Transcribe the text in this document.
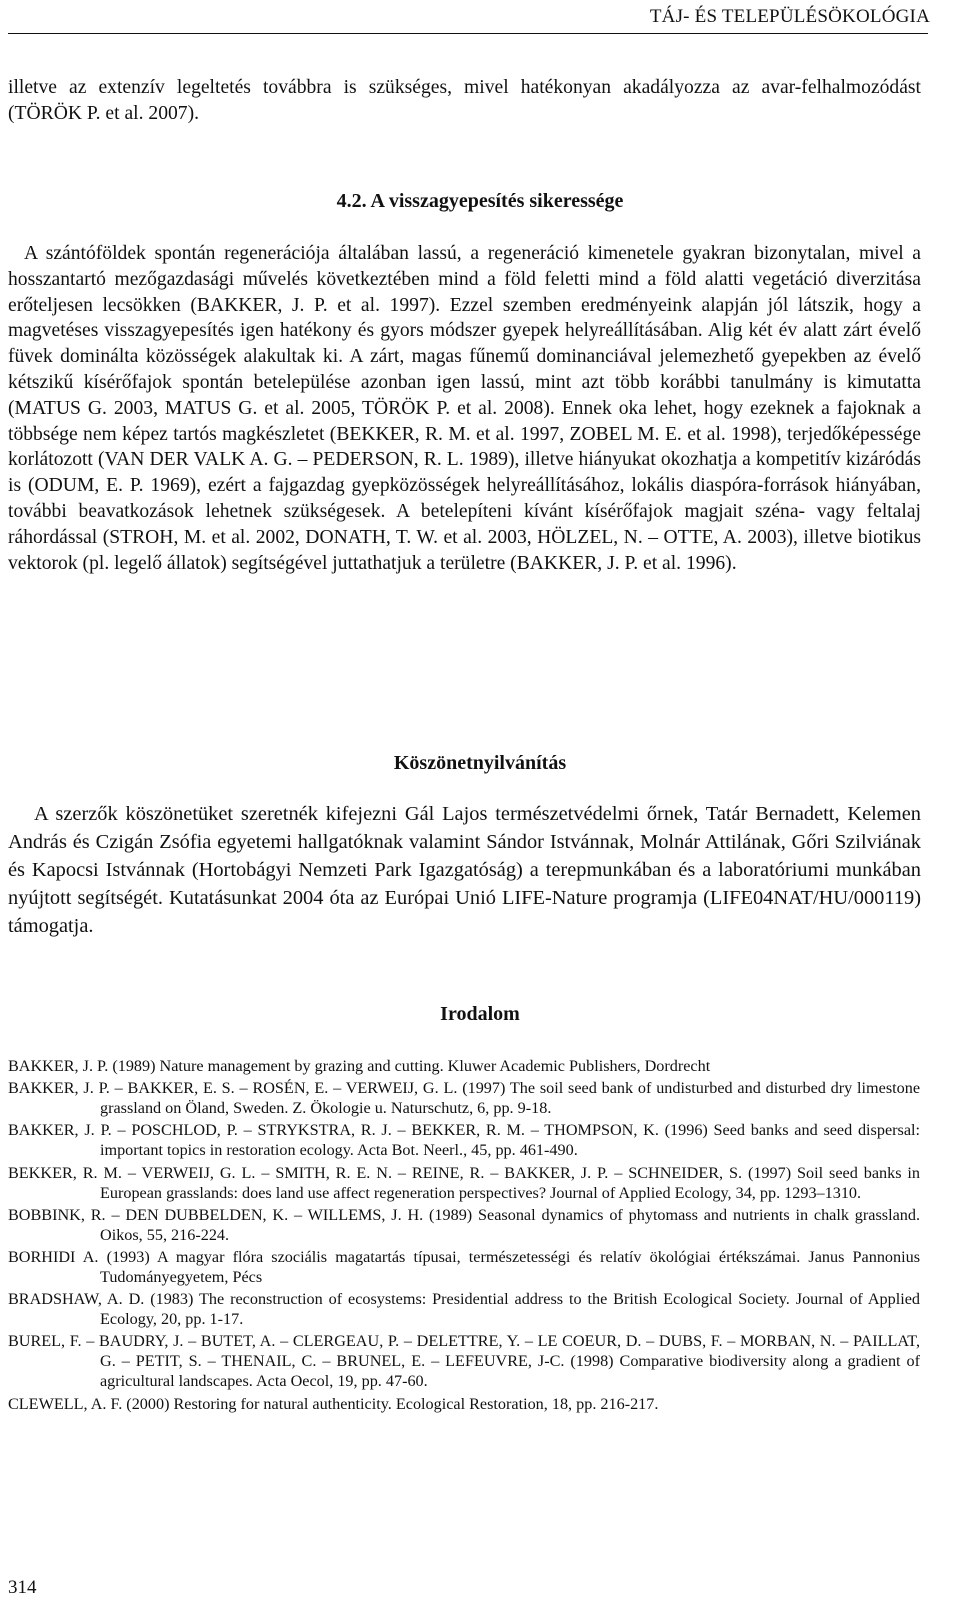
TÁJ- ÉS TELEPÜLÉSÖKOLÓGIA

illetve az extenzív legeltetés továbbra is szükséges, mivel hatékonyan akadályozza az avar-felhalmozódást (TÖRÖK P. et al. 2007).

4.2. A visszagyepesítés sikeressége

A szántóföldek spontán regenerációja általában lassú, a regeneráció kimenetele gyakran bizonytalan, mivel a hosszantartó mezőgazdasági művelés következtében mind a föld feletti mind a föld alatti vegetáció diverzitása erőteljesen lecsökken (BAKKER, J. P. et al. 1997). Ezzel szemben eredményeink alapján jól látszik, hogy a magvetéses visszagyepesítés igen hatékony és gyors módszer gyepek helyreállításában. Alig két év alatt zárt évelő füvek dominálta közösségek alakultak ki. A zárt, magas fűnemű dominanciával jelemezhető gyepekben az évelő kétszikű kísérőfajok spontán betelepülése azonban igen lassú, mint azt több korábbi tanulmány is kimutatta (MATUS G. 2003, MATUS G. et al. 2005, TÖRÖK P. et al. 2008). Ennek oka lehet, hogy ezeknek a fajoknak a többsége nem képez tartós magkészletet (BEKKER, R. M. et al. 1997, ZOBEL M. E. et al. 1998), terjedőképessége korlátozott (VAN DER VALK A. G. – PEDERSON, R. L. 1989), illetve hiányukat okozhatja a kompetitív kizáródás is (ODUM, E. P. 1969), ezért a fajgazdag gyepközösségek helyreállításához, lokális diaspóra-források hiányában, további beavatkozások lehetnek szükségesek. A betelepíteni kívánt kísérőfajok magjait széna- vagy feltalaj ráhordással (STROH, M. et al. 2002, DONATH, T. W. et al. 2003, HÖLZEL, N. – OTTE, A. 2003), illetve biotikus vektorok (pl. legelő állatok) segítségével juttathatjuk a területre (BAKKER, J. P. et al. 1996).

Köszönetnyilvánítás

A szerzők köszönetüket szeretnék kifejezni Gál Lajos természetvédelmi őrnek, Tatár Bernadett, Kelemen András és Czigán Zsófia egyetemi hallgatóknak valamint Sándor Istvánnak, Molnár Attilának, Gőri Szilviának és Kapocsi Istvánnak (Hortobágyi Nemzeti Park Igazgatóság) a terepmunkában és a laboratóriumi munkában nyújtott segítségét. Kutatásunkat 2004 óta az Európai Unió LIFE-Nature programja (LIFE04NAT/HU/000119) támogatja.

Irodalom
BAKKER, J. P. (1989) Nature management by grazing and cutting. Kluwer Academic Publishers, Dordrecht
BAKKER, J. P. – BAKKER, E. S. – ROSÉN, E. – VERWEIJ, G. L. (1997) The soil seed bank of undisturbed and disturbed dry limestone grassland on Öland, Sweden. Z. Ökologie u. Naturschutz, 6, pp. 9-18.
BAKKER, J. P. – POSCHLOD, P. – STRYKSTRA, R. J. – BEKKER, R. M. – THOMPSON, K. (1996) Seed banks and seed dispersal: important topics in restoration ecology. Acta Bot. Neerl., 45, pp. 461-490.
BEKKER, R. M. – VERWEIJ, G. L. – SMITH, R. E. N. – REINE, R. – BAKKER, J. P. – SCHNEIDER, S. (1997) Soil seed banks in European grasslands: does land use affect regeneration perspectives? Journal of Applied Ecology, 34, pp. 1293–1310.
BOBBINK, R. – DEN DUBBELDEN, K. – WILLEMS, J. H. (1989) Seasonal dynamics of phytomass and nutrients in chalk grassland. Oikos, 55, 216-224.
BORHIDI A. (1993) A magyar flóra szociális magatartás típusai, természetességi és relatív ökológiai értékszámai. Janus Pannonius Tudományegyetem, Pécs
BRADSHAW, A. D. (1983) The reconstruction of ecosystems: Presidential address to the British Ecological Society. Journal of Applied Ecology, 20, pp. 1-17.
BUREL, F. – BAUDRY, J. – BUTET, A. – CLERGEAU, P. – DELETTRE, Y. – LE COEUR, D. – DUBS, F. – MORBAN, N. – PAILLAT, G. – PETIT, S. – THENAIL, C. – BRUNEL, E. – LEFEUVRE, J-C. (1998) Comparative biodiversity along a gradient of agricultural landscapes. Acta Oecol, 19, pp. 47-60.
CLEWELL, A. F. (2000) Restoring for natural authenticity. Ecological Restoration, 18, pp. 216-217.
314
